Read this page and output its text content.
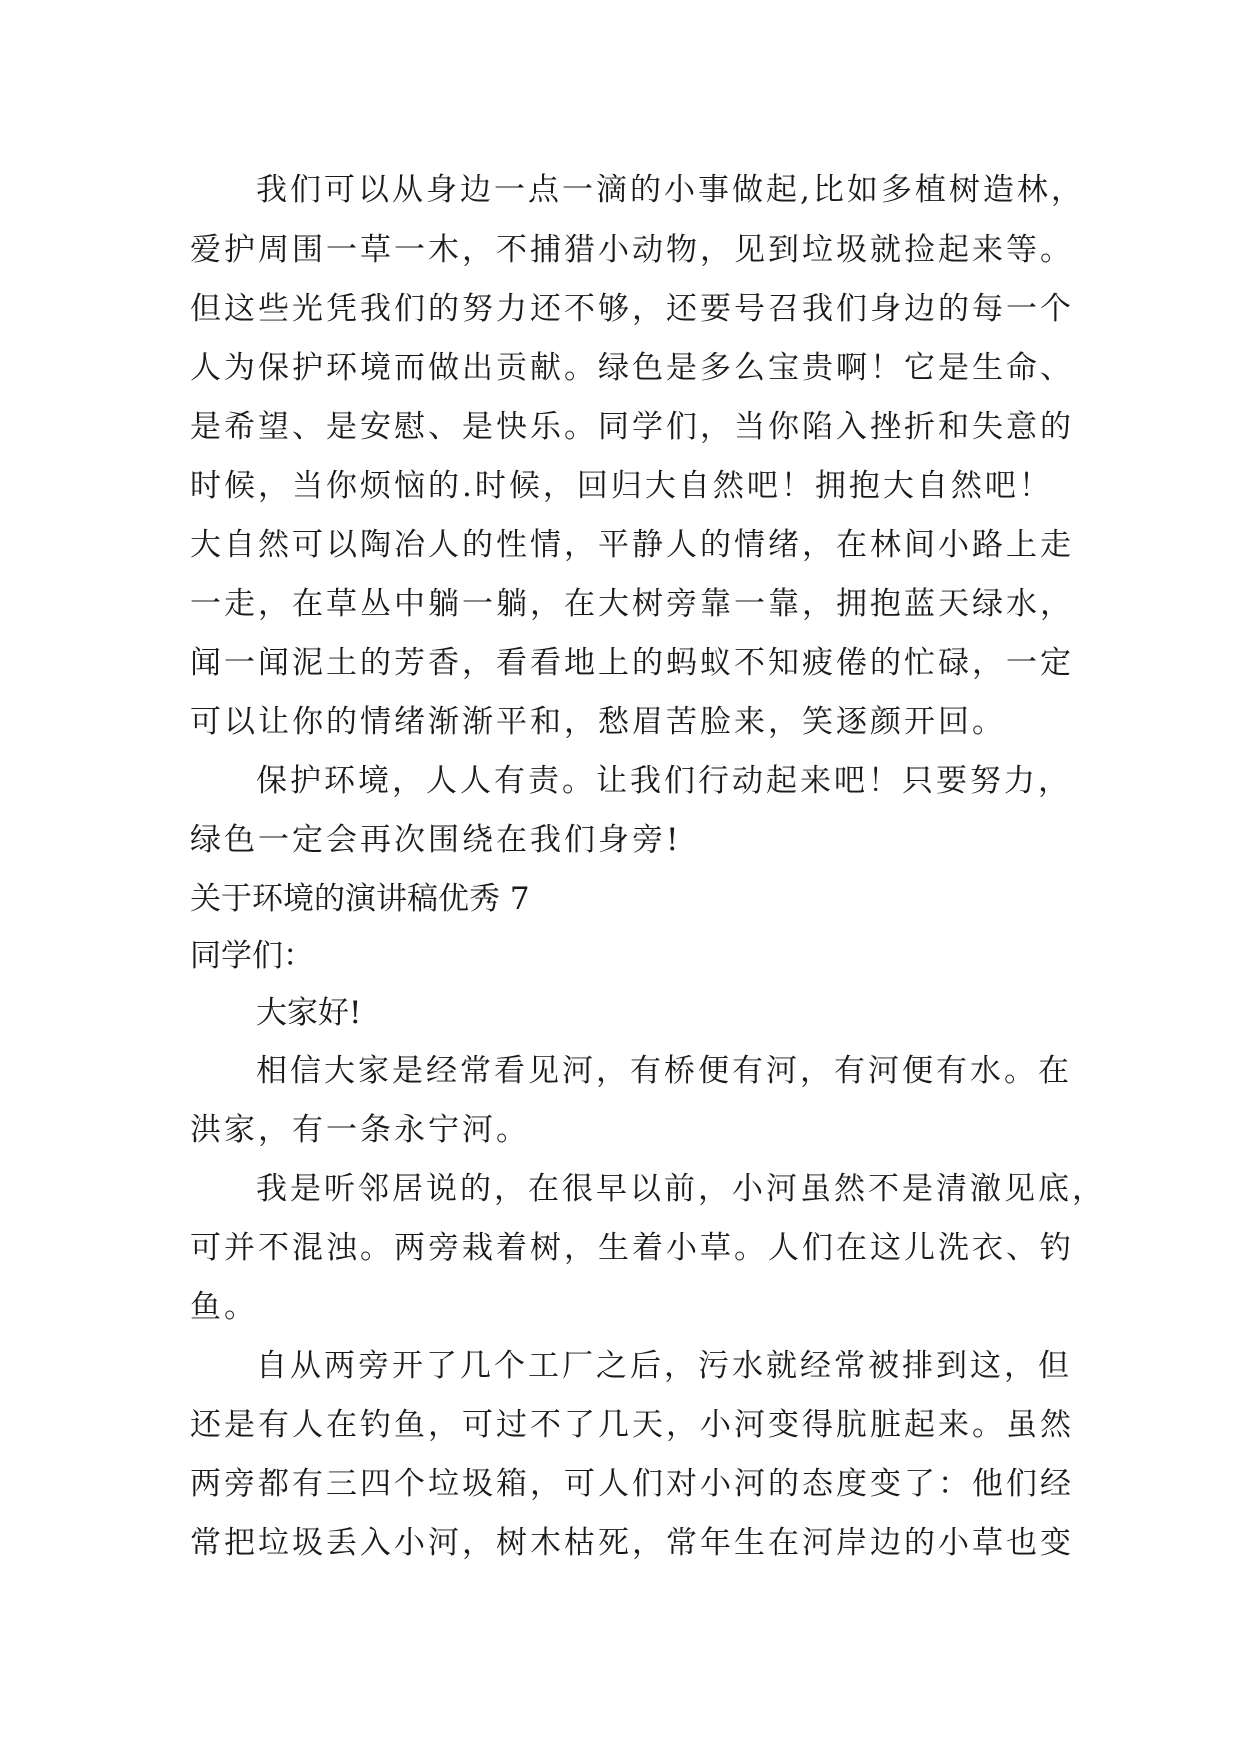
我们可以从身边一点一滴的小事做起,比如多植树造林，
爱护周围一草一木，不捕猎小动物，见到垃圾就捡起来等。
但这些光凭我们的努力还不够，还要号召我们身边的每一个
人为保护环境而做出贡献。绿色是多么宝贵啊！它是生命、
是希望、是安慰、是快乐。同学们，当你陷入挫折和失意的
时候，当你烦恼的.时候，回归大自然吧！拥抱大自然吧！
大自然可以陶冶人的性情，平静人的情绪，在林间小路上走
一走，在草丛中躺一躺，在大树旁靠一靠，拥抱蓝天绿水，
闻一闻泥土的芳香，看看地上的蚂蚁不知疲倦的忙碌，一定
可以让你的情绪渐渐平和，愁眉苦脸来，笑逐颜开回。
保护环境，人人有责。让我们行动起来吧！只要努力，
绿色一定会再次围绕在我们身旁!
关于环境的演讲稿优秀 7
同学们：
大家好!
相信大家是经常看见河，有桥便有河，有河便有水。在
洪家，有一条永宁河。
我是听邻居说的，在很早以前，小河虽然不是清澈见底，
可并不混浊。两旁栽着树，生着小草。人们在这儿洗衣、钓
鱼。
自从两旁开了几个工厂之后，污水就经常被排到这，但
还是有人在钓鱼，可过不了几天，小河变得肮脏起来。虽然
两旁都有三四个垃圾箱，可人们对小河的态度变了：他们经
常把垃圾丢入小河，树木枯死，常年生在河岸边的小草也变
